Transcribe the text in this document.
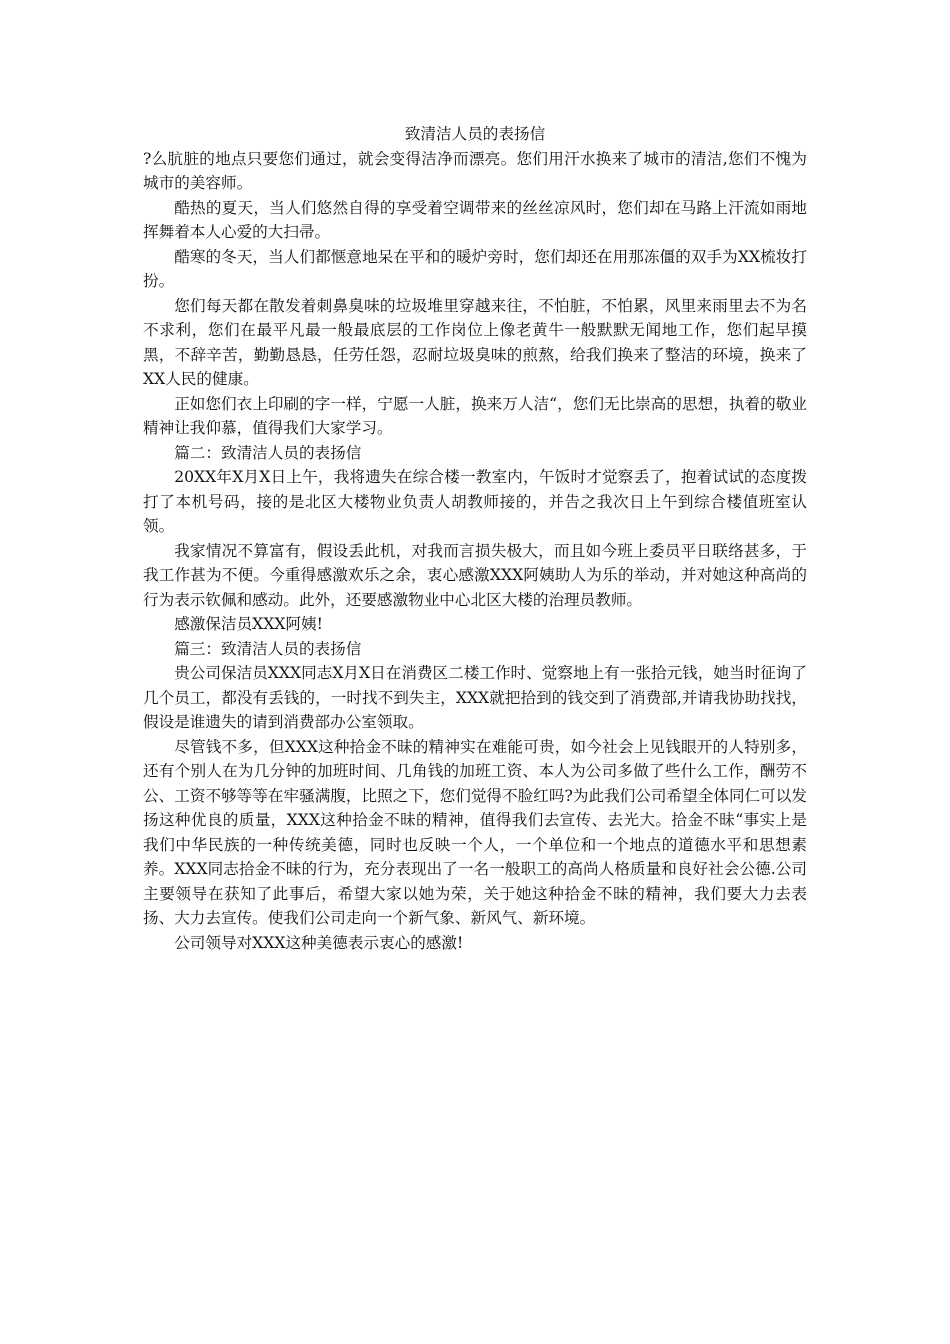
致清洁人员的表扬信

?么肮脏的地点只要您们通过，就会变得洁净而漂亮。您们用汗水换来了城市的清洁,您们不愧为城市的美容师。

酷热的夏天，当人们悠然自得的享受着空调带来的丝丝凉风时，您们却在马路上汗流如雨地挥舞着本人心爱的大扫帚。

酷寒的冬天，当人们都惬意地呆在平和的暖炉旁时，您们却还在用那冻僵的双手为XX梳妆打扮。

您们每天都在散发着刺鼻臭味的垃圾堆里穿越来往，不怕脏，不怕累，风里来雨里去不为名不求利，您们在最平凡最一般最底层的工作岗位上像老黄牛一般默默无闻地工作，您们起早摸黑，不辞辛苦，勤勤恳恳，任劳任怨，忍耐垃圾臭味的煎熬，给我们换来了整洁的环境，换来了XX人民的健康。

正如您们衣上印刷的字一样，宁愿一人脏，换来万人洁“，您们无比崇高的思想，执着的敬业精神让我仰慕，值得我们大家学习。

篇二：致清洁人员的表扬信

20XX年X月X日上午，我将遗失在综合楼一教室内，午饭时才觉察丢了，抱着试试的态度拨打了本机号码，接的是北区大楼物业负责人胡教师接的，并告之我次日上午到综合楼值班室认领。

我家情况不算富有，假设丢此机，对我而言损失极大，而且如今班上委员平日联络甚多，于我工作甚为不便。今重得感激欢乐之余，衷心感激XXX阿姨助人为乐的举动，并对她这种高尚的行为表示钦佩和感动。此外，还要感激物业中心北区大楼的治理员教师。

感激保洁员XXX阿姨!

篇三：致清洁人员的表扬信

贵公司保洁员XXX同志X月X日在消费区二楼工作时、觉察地上有一张拾元钱，她当时征询了几个员工，都没有丢钱的，一时找不到失主，XXX就把拾到的钱交到了消费部,并请我协助找找，假设是谁遗失的请到消费部办公室领取。

尽管钱不多，但XXX这种拾金不昧的精神实在难能可贵，如今社会上见钱眼开的人特别多，还有个别人在为几分钟的加班时间、几角钱的加班工资、本人为公司多做了些什么工作，酬劳不公、工资不够等等在牢骚满腹，比照之下，您们觉得不脸红吗?为此我们公司希望全体同仁可以发扬这种优良的质量，XXX这种拾金不昧的精神，值得我们去宣传、去光大。拾金不昧“事实上是我们中华民族的一种传统美德，同时也反映一个人，一个单位和一个地点的道德水平和思想素养。XXX同志拾金不昧的行为，充分表现出了一名一般职工的高尚人格质量和良好社会公德.公司主要领导在获知了此事后，希望大家以她为荣，关于她这种拾金不昧的精神，我们要大力去表扬、大力去宣传。使我们公司走向一个新气象、新风气、新环境。

公司领导对XXX这种美德表示衷心的感激!
